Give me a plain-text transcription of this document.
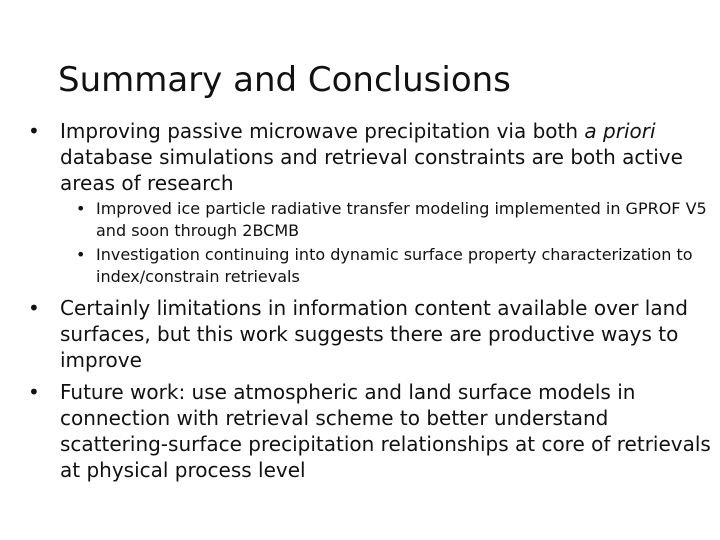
Summary and Conclusions
• Improving passive microwave precipitation via both a priori database simulations and retrieval constraints are both active areas of research
• Improved ice particle radiative transfer modeling implemented in GPROF V5 and soon through 2BCMB
• Investigation continuing into dynamic surface property characterization to index/constrain retrievals
• Certainly limitations in information content available over land surfaces, but this work suggests there are productive ways to improve
• Future work: use atmospheric and land surface models in connection with retrieval scheme to better understand scattering-surface precipitation relationships at core of retrievals at physical process level
